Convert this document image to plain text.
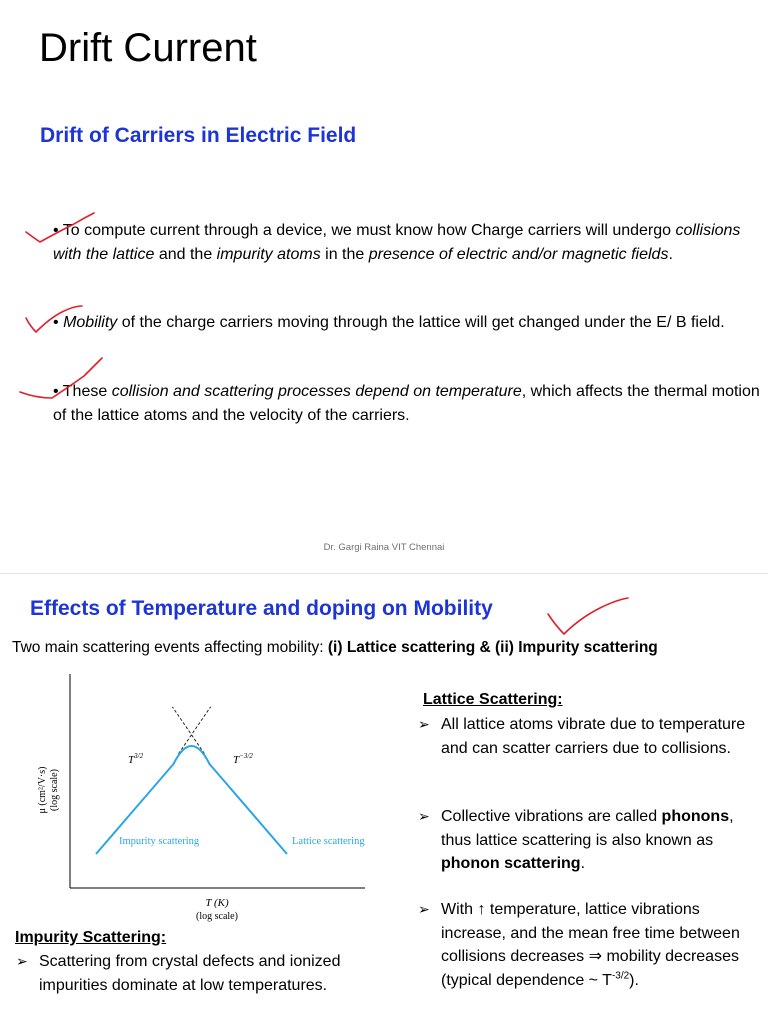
Drift Current
Drift of Carriers in Electric Field
• To compute current through a device, we must know how Charge carriers will undergo collisions with the lattice and the impurity atoms in the presence of electric and/or magnetic fields.
• Mobility of the charge carriers moving through the lattice will get changed under the E/ B field.
• These collision and scattering processes depend on temperature, which affects the thermal motion of the lattice atoms and the velocity of the carriers.
Dr. Gargi Raina VIT Chennai
Effects of Temperature and doping on Mobility
Two main scattering events affecting mobility: (i) Lattice scattering & (ii) Impurity scattering
μ (cm²/V·s) (log scale)
T (K)
(log scale)
$T^{3/2}$	$T^{-3/2}$
Impurity scattering	Lattice scattering
Lattice Scattering:
➢ All lattice atoms vibrate due to temperature and can scatter carriers due to collisions.
➢ Collective vibrations are called phonons, thus lattice scattering is also known as phonon scattering.
➢ With ↑ temperature, lattice vibrations increase, and the mean free time between collisions decreases ⇒ mobility decreases (typical dependence ~ $T^{-3/2}$).
Impurity Scattering:
➢ Scattering from crystal defects and ionized impurities dominate at low temperatures.
